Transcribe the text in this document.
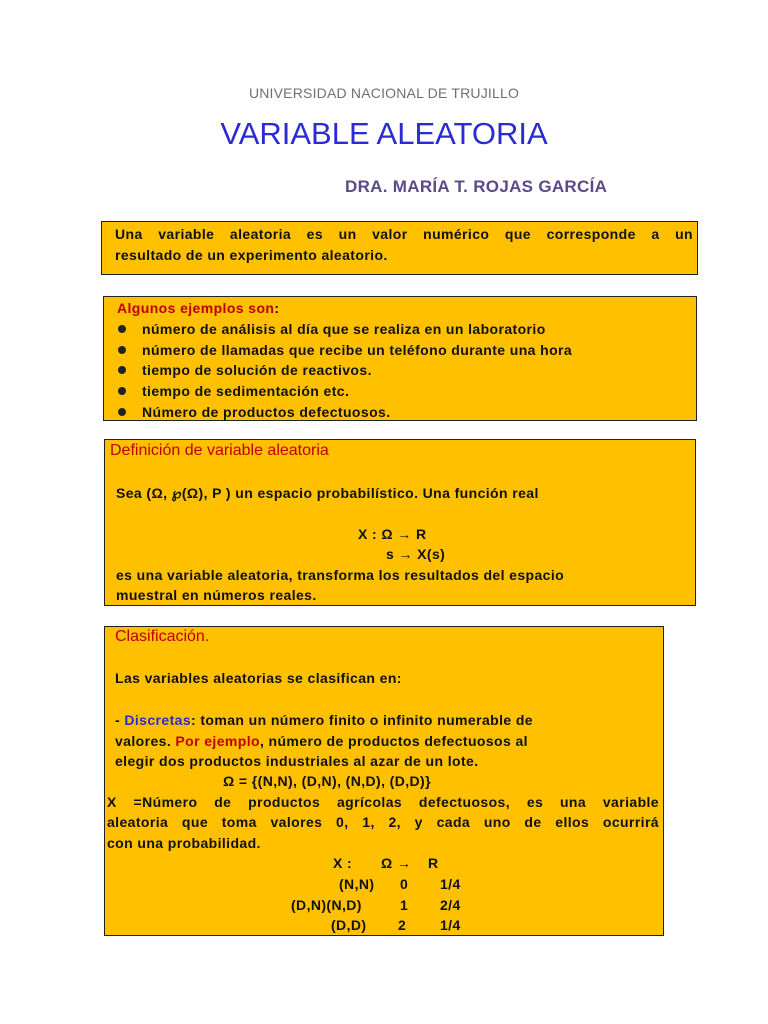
UNIVERSIDAD NACIONAL DE TRUJILLO
VARIABLE ALEATORIA
DRA. MARÍA T. ROJAS GARCÍA
Una variable aleatoria es un valor numérico que corresponde a un
resultado de un experimento aleatorio.
Algunos ejemplos son:
número de análisis al día que se realiza en un laboratorio
número de llamadas que recibe un teléfono durante una hora
tiempo de solución de reactivos.
tiempo de sedimentación etc.
Número de productos defectuosos.
Definición de variable aleatoria
Sea (Ω, ℘(Ω), P ) un espacio probabilístico. Una función real
X : Ω → R
s → X(s)
es una variable aleatoria, transforma los resultados del espacio
muestral en números reales.
Clasificación.
Las variables aleatorias se clasifican en:
- Discretas: toman un número finito o infinito numerable de
valores. Por ejemplo, número de productos defectuosos al
elegir dos productos industriales al azar de un lote.
Ω = {(N,N), (D,N), (N,D), (D,D)}
X =Número de productos agrícolas defectuosos, es una variable
aleatoria que toma valores 0, 1, 2, y cada uno de ellos ocurrirá
con una probabilidad.
X : Ω → R
(N,N) 0 1/4
(D,N)(N,D)	1 2/4
(D,D) 2 1/4
